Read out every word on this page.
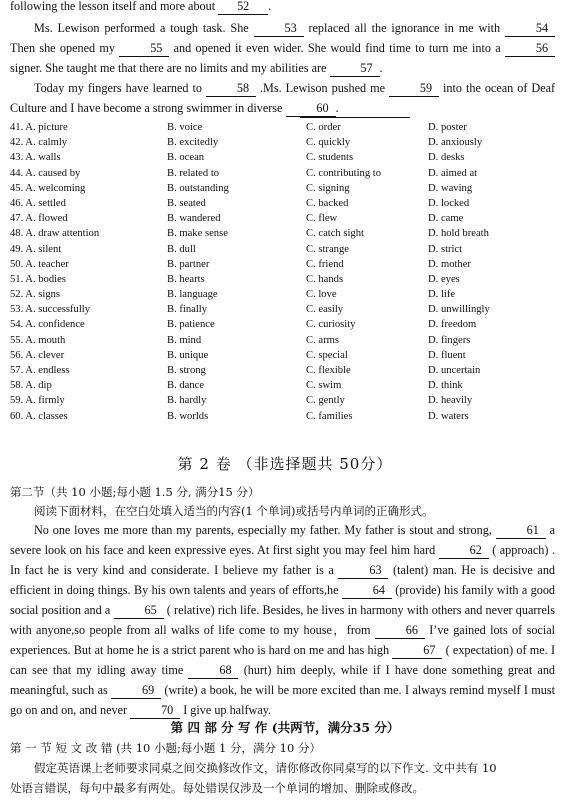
following the lesson itself and more about 52 .
Ms. Lewison performed a tough task. She	53 replaced all the ignorance in me with	54 Then she opened my	55 and opened it even wider. She would find time to turn me into a	56 signer. She taught me that there are no limits and my abilities are	57 .
Today my fingers have learned to	58 .Ms. Lewison pushed me	59 into the ocean of Deaf Culture and I have become a strong swimmer in diverse	60 .
41. A. picture	B. voice	C. order	D. poster
42. A. calmly	B. excitedly	C. quickly	D. anxiously
43. A. walls	B. ocean	C. students	D. desks
44. A. caused by	B. related to	C. contributing to	D. aimed at
45. A. welcoming	B. outstanding	C. signing	D. waving
46. A. settled	B. seated	C. backed	D. locked
47. A. flowed	B. wandered	C. flew	D. came
48. A. draw attention	B. make sense	C. catch sight	D. hold breath
49. A. silent	B. dull	C. strange	D. strict
50. A. teacher	B. partner	C. friend	D. mother
51. A. bodies	B. hearts	C. hands	D. eyes
52. A. signs	B. language	C. love	D. life
53. A. successfully	B. finally	C. easily	D. unwillingly
54. A. confidence	B. patience	C. curiosity	D. freedom
55. A. mouth	B. mind	C. arms	D. fingers
56. A. clever	B. unique	C. special	D. fluent
57. A. endless	B. strong	C. flexible	D. uncertain
58. A. dip	B. dance	C. swim	D. think
59. A. firmly	B. hardly	C. gently	D. heavily
60. A. classes	B. worlds	C. families	D. waters
第 2 卷 （非选择题共 50分）
第二节（共 10 小题;每小题 1.5 分, 满分15 分）
阅读下面材料，在空白处填入适当的内容(1 个单词)或括号内单词的正确形式。
No one loves me more than my parents, especially my father. My father is stout and strong,	61 a severe look on his face and keen expressive eyes. At first sight you may feel him hard	62 ( approach) . In fact he is very kind and considerate. I believe my father is a	63 (talent) man. He is decisive and efficient in doing things. By his own talents and years of efforts,he	64 (provide) his family with a good social position and a	65 ( relative) rich life. Besides, he lives in harmony with others and never quarrels with anyone,so people from all walks of life come to my house，from	66 I’ve gained lots of social experiences. But at home he is a strict parent who is hard on me and has high	67 ( expectation) of me. I can see that my idling away time	68 (hurt) him deeply, while if I have done something great and meaningful, such as	69 (write) a book, he will be more excited than me. I always remind myself I must go on and on, and never	70 I give up halfway.
第 四 部 分 写 作 (共两节，满分35 分）
第 一 节 短 文 改 错 (共 10 小题;每小题 1 分，满分 10 分）
假定英语课上老师要求同桌之间交换修改作文，请你修改你同桌写的以下作文. 文中共有 10
处语言错误，每句中最多有两处。每处错误仅涉及一个单词的增加、删除或修改。
